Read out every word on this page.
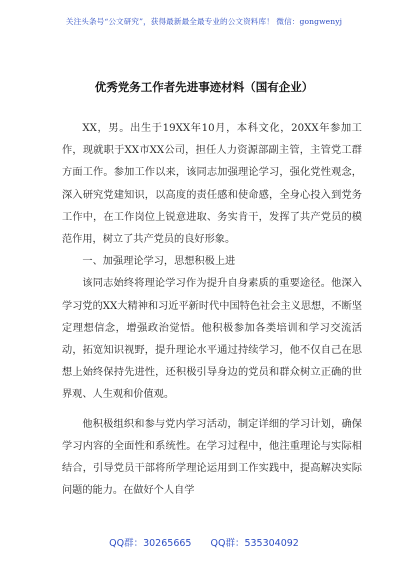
关注头条号“公文研究”，获得最新最全最专业的公文资料库！ 微信：gongwenyj
优秀党务工作者先进事迹材料（国有企业）

XX，男。出生于19XX年10月，本科文化，20XX年参加工作，现就职于XX市XX公司，担任人力资源部副主管，主管党工群方面工作。参加工作以来，该同志加强理论学习，强化党性观念，深入研究党建知识，以高度的责任感和使命感，全身心投入到党务工作中，在工作岗位上锐意进取、务实肯干，发挥了共产党员的模范作用，树立了共产党员的良好形象。

一、加强理论学习，思想积极上进

该同志始终将理论学习作为提升自身素质的重要途径。他深入学习党的XX大精神和习近平新时代中国特色社会主义思想，不断坚定理想信念，增强政治觉悟。他积极参加各类培训和学习交流活动，拓宽知识视野，提升理论水平通过持续学习，他不仅自己在思想上始终保持先进性，还积极引导身边的党员和群众树立正确的世界观、人生观和价值观。

他积极组织和参与党内学习活动，制定详细的学习计划，确保学习内容的全面性和系统性。在学习过程中，他注重理论与实际相结合，引导党员干部将所学理论运用到工作实践中，提高解决实际问题的能力。在做好个人自学

QQ群：30265665 QQ群：535304092
